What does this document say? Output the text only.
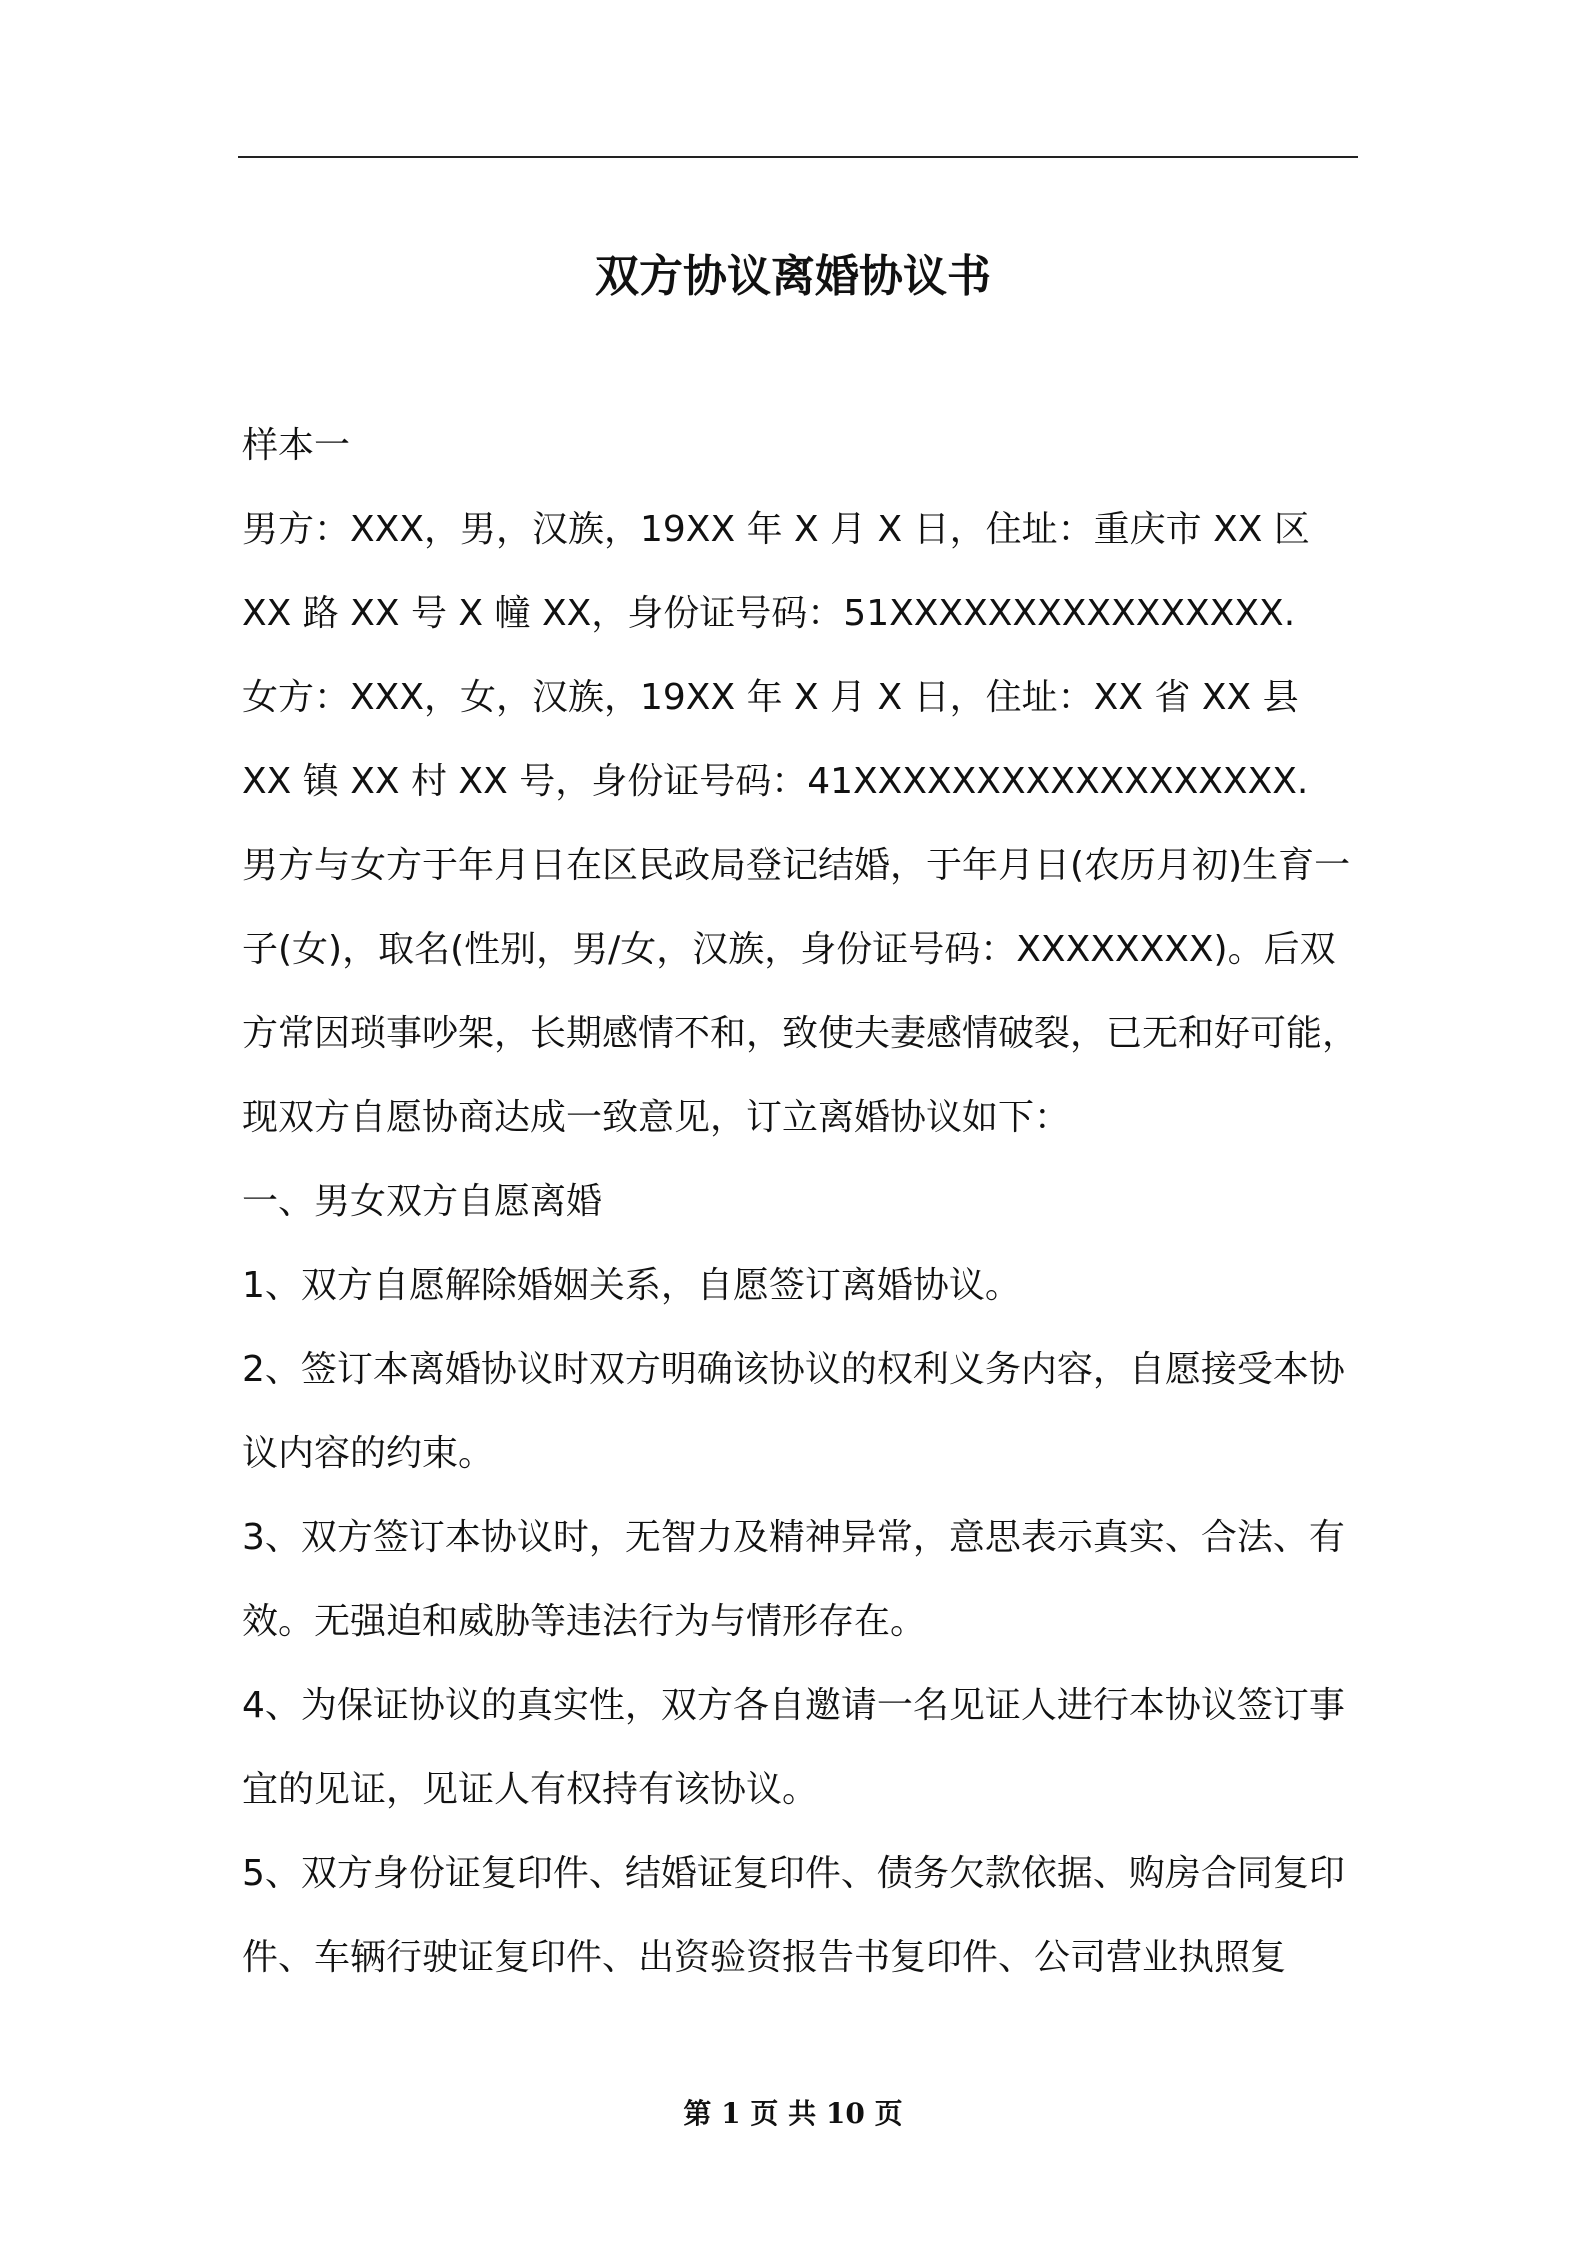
双方协议离婚协议书

样本一

男方：XXX，男，汉族，19XX 年 X 月 X 日，住址：重庆市 XX 区 XX 路 XX 号 X 幢 XX，身份证号码：51XXXXXXXXXXXXXXXX.

女方：XXX，女，汉族，19XX 年 X 月 X 日，住址：XX 省 XX 县 XX 镇 XX 村 XX 号，身份证号码：41XXXXXXXXXXXXXXXXXX.

男方与女方于年月日在区民政局登记结婚，于年月日(农历月初)生育一子(女)，取名(性别，男/女，汉族，身份证号码：XXXXXXXX)。后双方常因琐事吵架，长期感情不和，致使夫妻感情破裂，已无和好可能，现双方自愿协商达成一致意见，订立离婚协议如下：

一、男女双方自愿离婚

1、双方自愿解除婚姻关系，自愿签订离婚协议。

2、签订本离婚协议时双方明确该协议的权利义务内容，自愿接受本协议内容的约束。

3、双方签订本协议时，无智力及精神异常，意思表示真实、合法、有效。无强迫和威胁等违法行为与情形存在。

4、为保证协议的真实性，双方各自邀请一名见证人进行本协议签订事宜的见证，见证人有权持有该协议。

5、双方身份证复印件、结婚证复印件、债务欠款依据、购房合同复印件、车辆行驶证复印件、出资验资报告书复印件、公司营业执照复

第 1 页 共 10 页
